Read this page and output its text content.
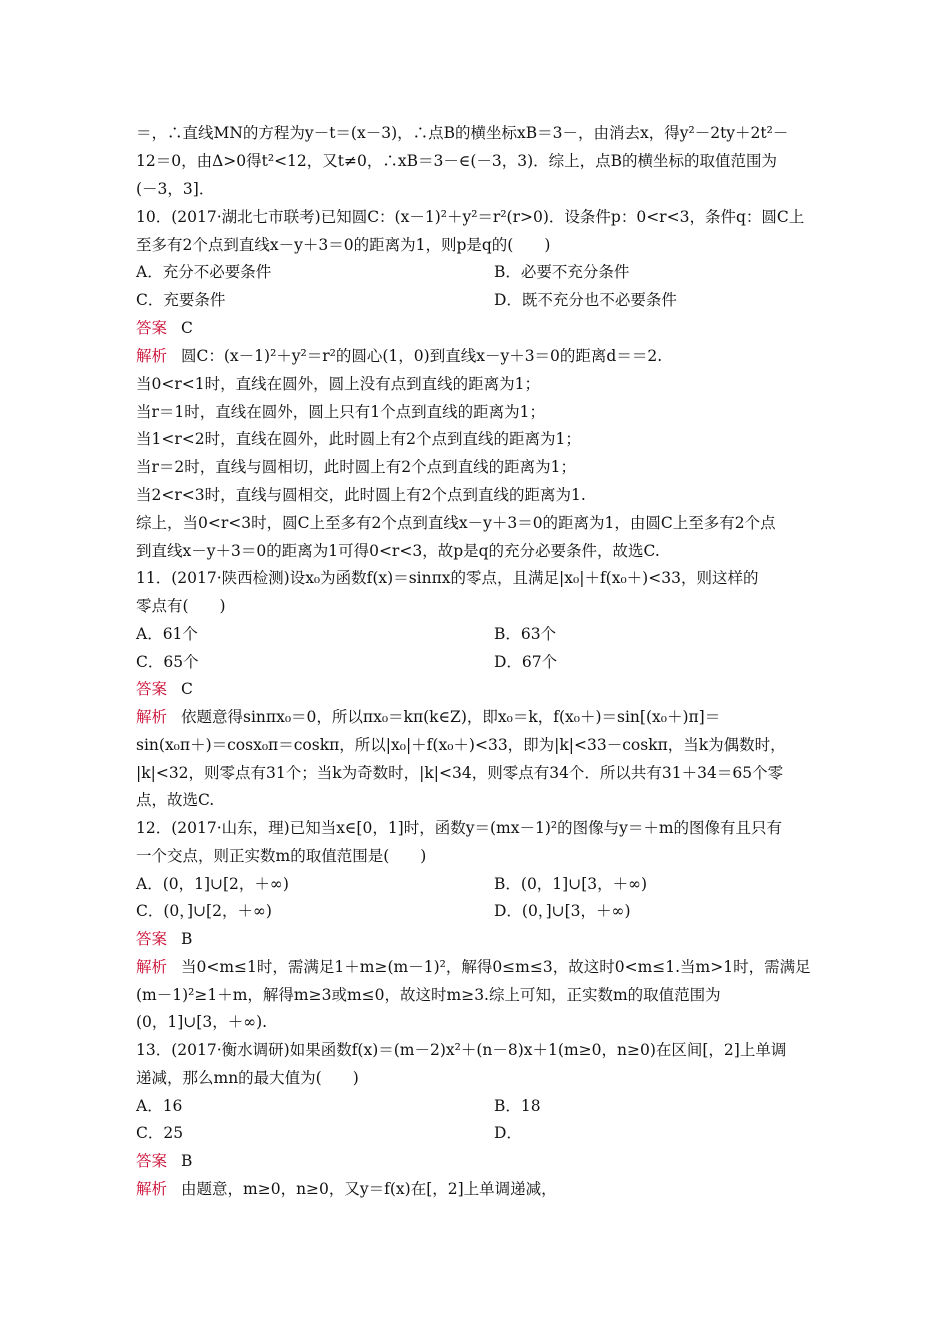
＝，∴直线MN的方程为y－t＝(x－3)，∴点B的横坐标xB＝3－，由消去x，得y²－2ty＋2t²－
12＝0，由Δ>0得t²<12，又t≠0，∴xB＝3－∈(－3，3)．综上，点B的横坐标的取值范围为
(－3，3]．
10．(2017·湖北七市联考)已知圆C：(x－1)²＋y²＝r²(r>0)．设条件p：0<r<3，条件q：圆C上
至多有2个点到直线x－y＋3＝0的距离为1，则p是q的(　　)
A．充分不必要条件	B．必要不充分条件
C．充要条件	D．既不充分也不必要条件
答案 C
解析 圆C：(x－1)²＋y²＝r²的圆心(1，0)到直线x－y＋3＝0的距离d＝＝2.
当0<r<1时，直线在圆外，圆上没有点到直线的距离为1；
当r＝1时，直线在圆外，圆上只有1个点到直线的距离为1；
当1<r<2时，直线在圆外，此时圆上有2个点到直线的距离为1；
当r＝2时，直线与圆相切，此时圆上有2个点到直线的距离为1；
当2<r<3时，直线与圆相交，此时圆上有2个点到直线的距离为1.
综上，当0<r<3时，圆C上至多有2个点到直线x－y＋3＝0的距离为1，由圆C上至多有2个点
到直线x－y＋3＝0的距离为1可得0<r<3，故p是q的充分必要条件，故选C.
11．(2017·陕西检测)设x₀为函数f(x)＝sinπx的零点，且满足|x₀|＋f(x₀＋)<33，则这样的
零点有(　　)
A．61个	B．63个
C．65个	D．67个
答案 C
解析 依题意得sinπx₀＝0，所以πx₀＝kπ(k∈Z)，即x₀＝k，f(x₀＋)＝sin[(x₀＋)π]＝
sin(x₀π＋)＝cosx₀π＝coskπ，所以|x₀|＋f(x₀＋)<33，即为|k|<33－coskπ，当k为偶数时，
|k|<32，则零点有31个；当k为奇数时，|k|<34，则零点有34个．所以共有31＋34＝65个零
点，故选C.
12．(2017·山东，理)已知当x∈[0，1]时，函数y＝(mx－1)²的图像与y＝＋m的图像有且只有
一个交点，则正实数m的取值范围是(　　)
A．(0，1]∪[2，＋∞)	B．(0，1]∪[3，＋∞)
C．(0，]∪[2，＋∞)	D．(0，]∪[3，＋∞)
答案 B
解析 当0<m≤1时，需满足1＋m≥(m－1)²，解得0≤m≤3，故这时0<m≤1.当m>1时，需满足
(m－1)²≥1＋m，解得m≥3或m≤0，故这时m≥3.综上可知，正实数m的取值范围为
(0，1]∪[3，＋∞).
13．(2017·衡水调研)如果函数f(x)＝(m－2)x²＋(n－8)x＋1(m≥0，n≥0)在区间[，2]上单调
递减，那么mn的最大值为(　　)
A．16	B．18
C．25	D．
答案 B
解析 由题意，m≥0，n≥0，又y＝f(x)在[，2]上单调递减，
